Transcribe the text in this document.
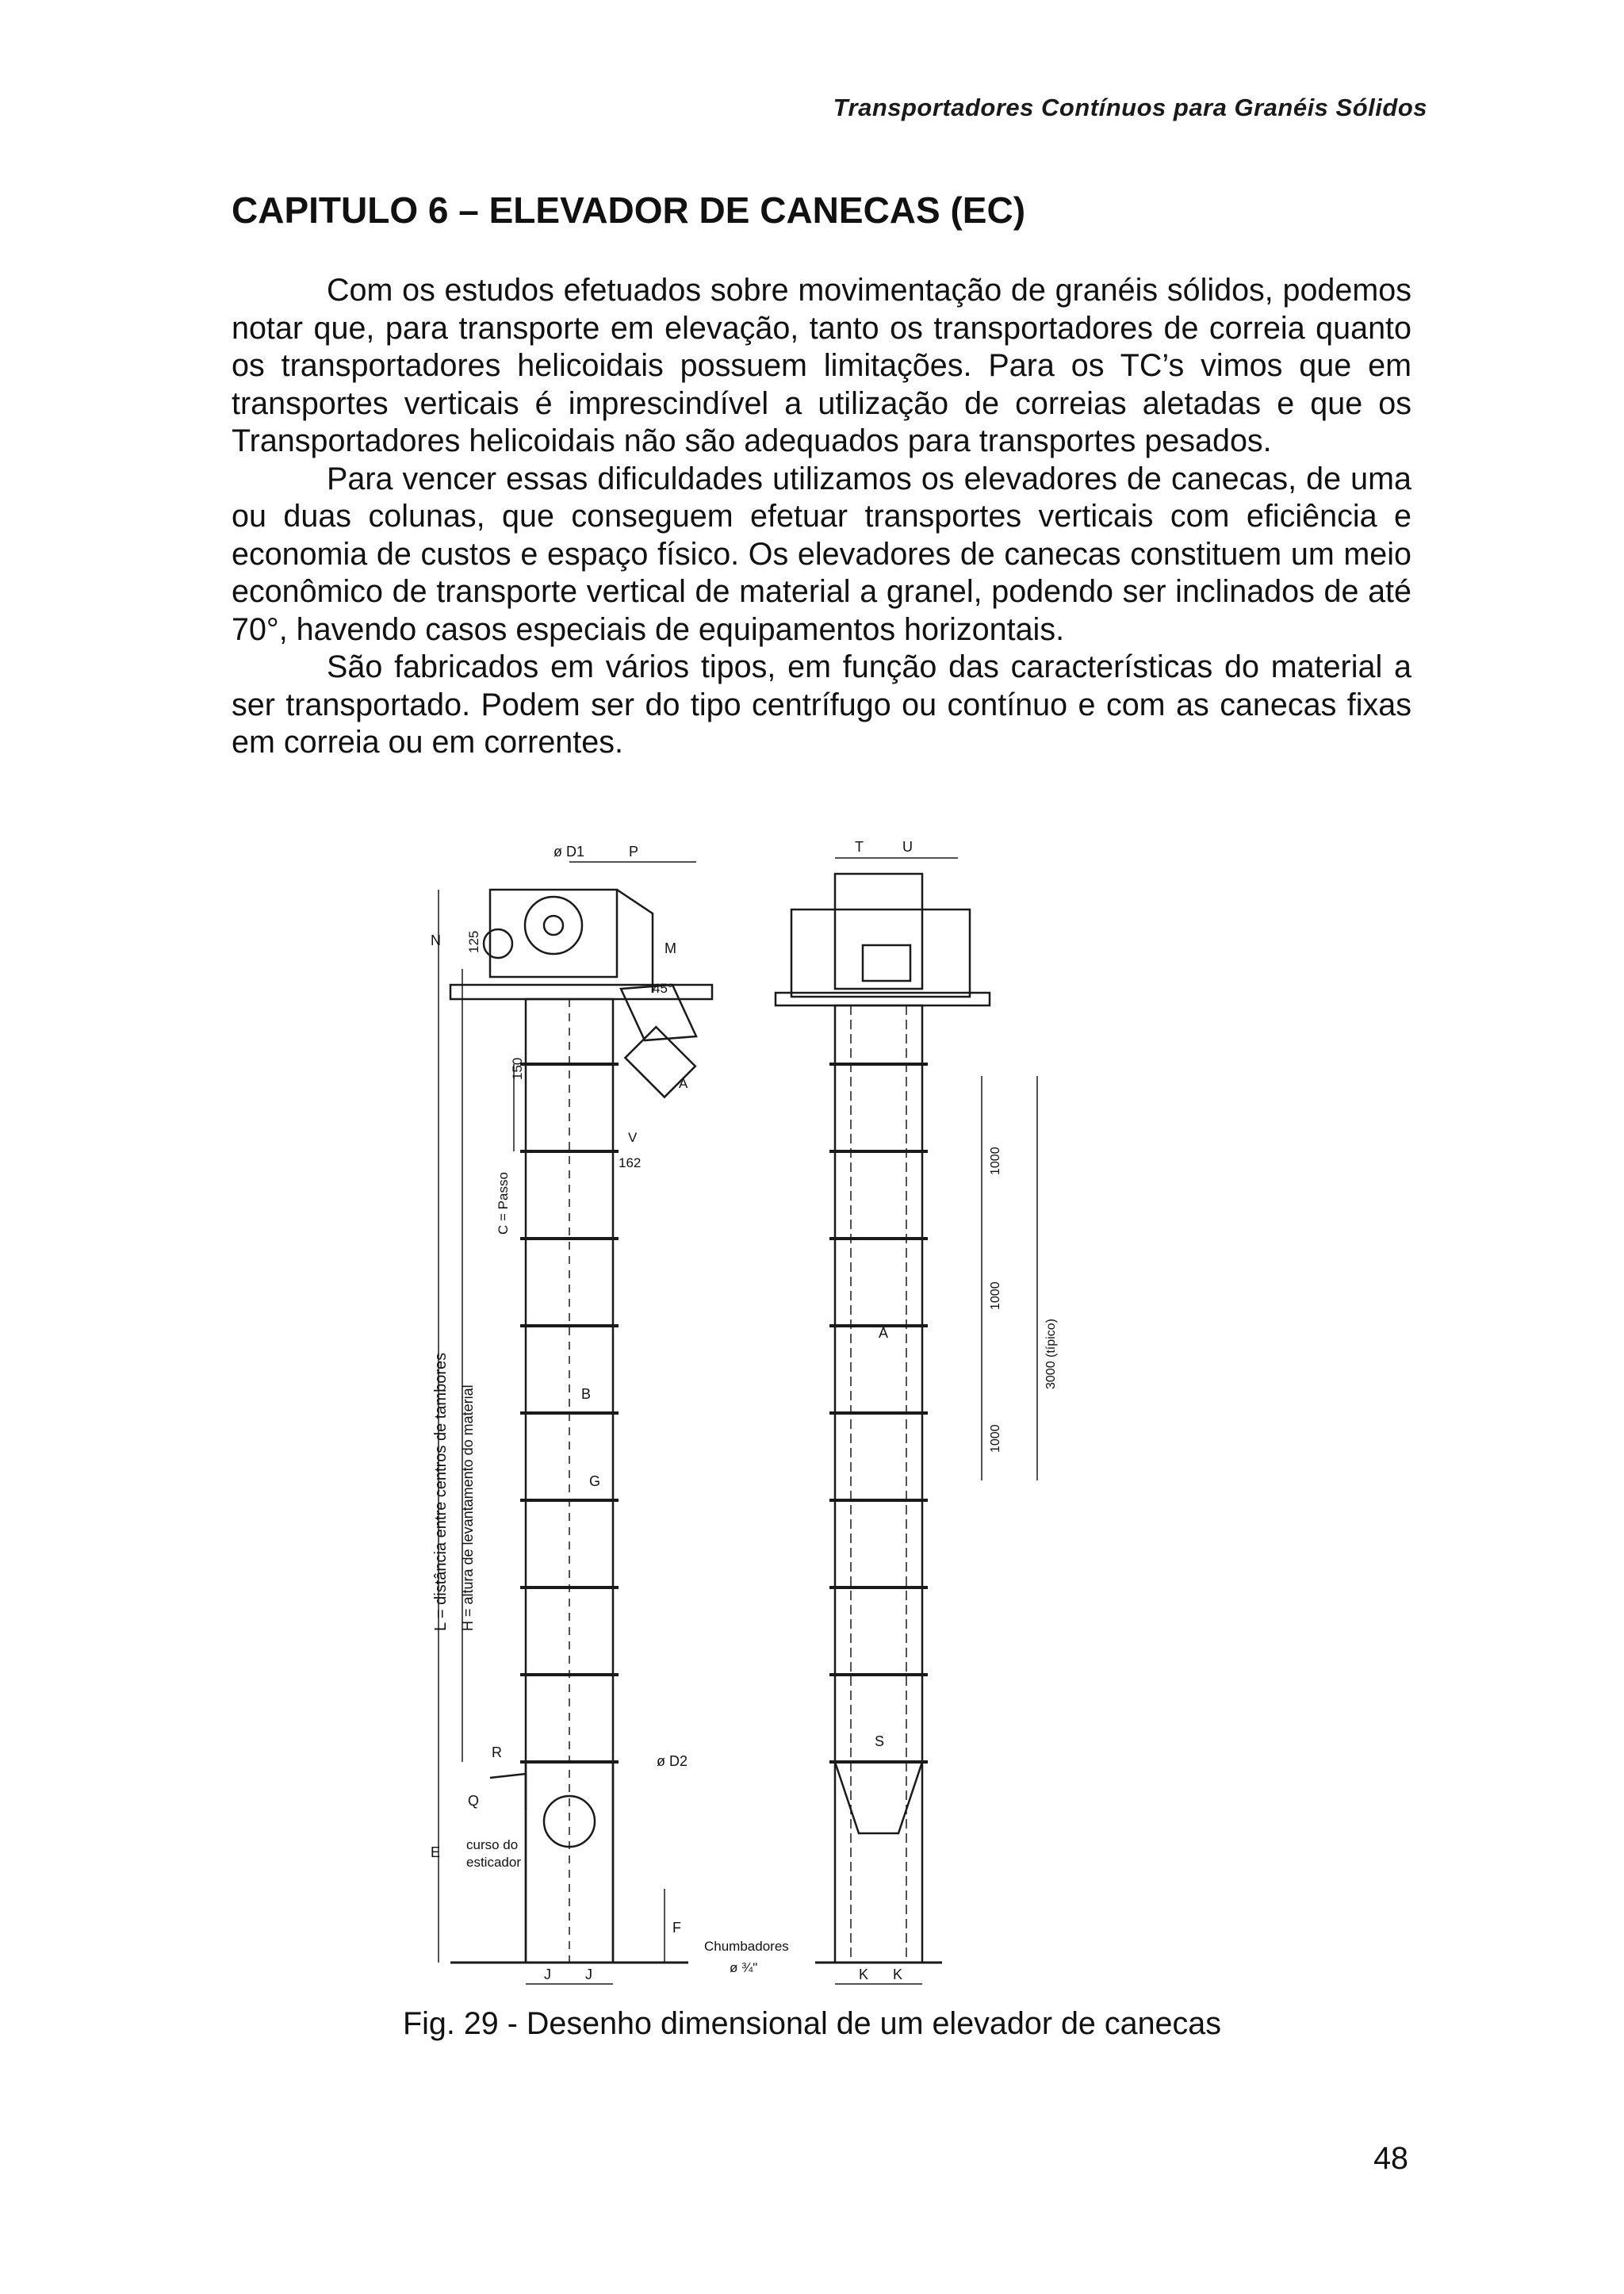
Transportadores Contínuos para Granéis Sólidos
CAPITULO 6 – ELEVADOR DE CANECAS (EC)

Com os estudos efetuados sobre movimentação de granéis sólidos, podemos notar que, para transporte em elevação, tanto os transportadores de correia quanto os transportadores helicoidais possuem limitações. Para os TC’s vimos que em transportes verticais é imprescindível a utilização de correias aletadas e que os Transportadores helicoidais não são adequados para transportes pesados.

Para vencer essas dificuldades utilizamos os elevadores de canecas, de uma ou duas colunas, que conseguem efetuar transportes verticais com eficiência e economia de custos e espaço físico. Os elevadores de canecas constituem um meio econômico de transporte vertical de material a granel, podendo ser inclinados de até 70°, havendo casos especiais de equipamentos horizontais.

São fabricados em vários tipos, em função das características do material a ser transportado. Podem ser do tipo centrífugo ou contínuo e com as canecas fixas em correia ou em correntes.

ø D1	P	T	U
N 125	M
45°
150
V
A
162
L = distância entre centros de tambores H = altura de levantamento do material
C = Passo
B
G
A
1000
1000
1000
3000 (típico)
R
ø D2
S
Q
E curso do
esticador
F
Chumbadores
ø ¾"
J J	K K
Fig. 29 - Desenho dimensional de um elevador de canecas
48
